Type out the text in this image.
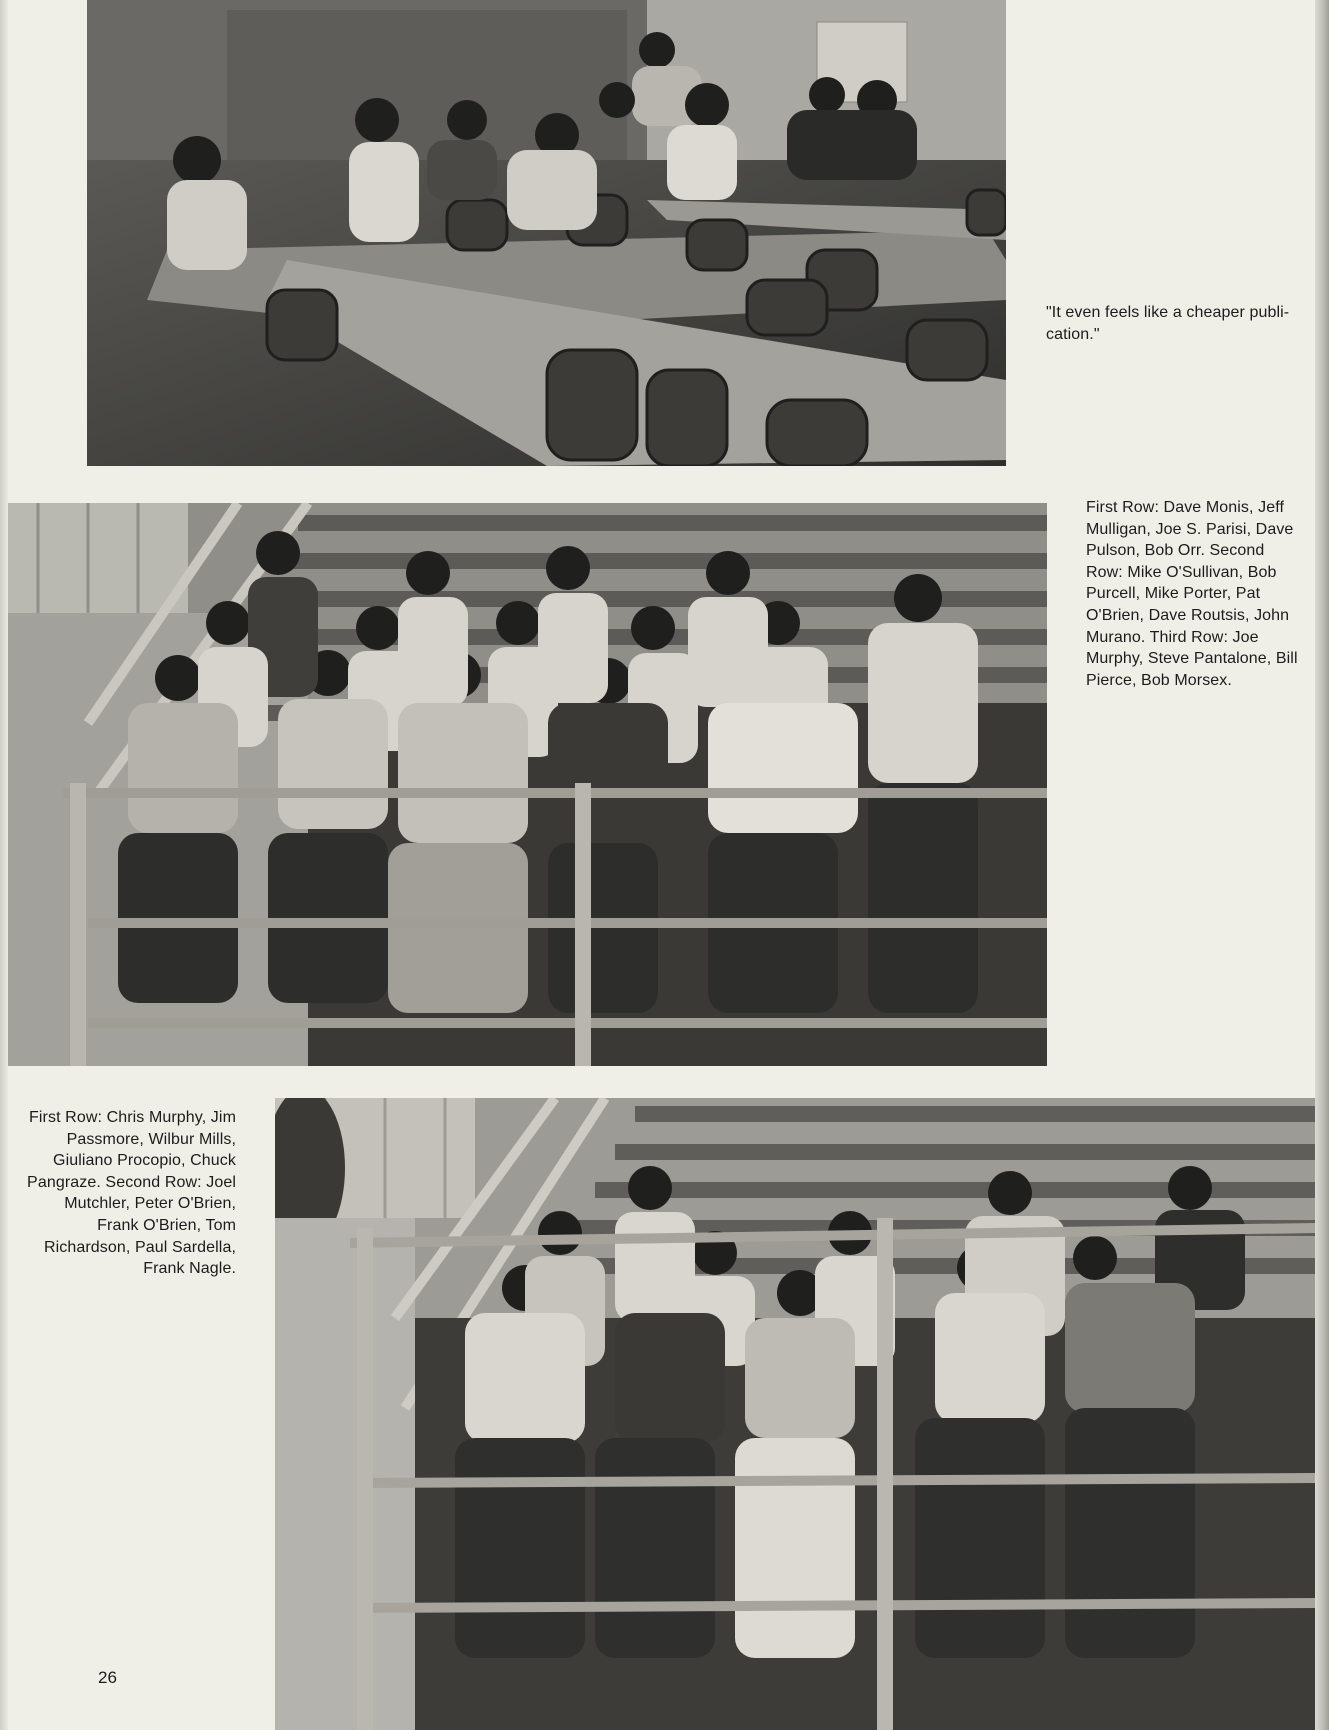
"It even feels like a cheaper publi-cation."
First Row: Dave Monis, Jeff Mulligan, Joe S. Parisi, Dave Pulson, Bob Orr. Second Row: Mike O'Sullivan, Bob Purcell, Mike Porter, Pat O'Brien, Dave Routsis, John Murano. Third Row: Joe Murphy, Steve Pantalone, Bill Pierce, Bob Morsex.
First Row: Chris Murphy, Jim Passmore, Wilbur Mills, Giuliano Procopio, Chuck Pangraze. Second Row: Joel Mutchler, Peter O'Brien, Frank O'Brien, Tom Richardson, Paul Sardella, Frank Nagle.
26
